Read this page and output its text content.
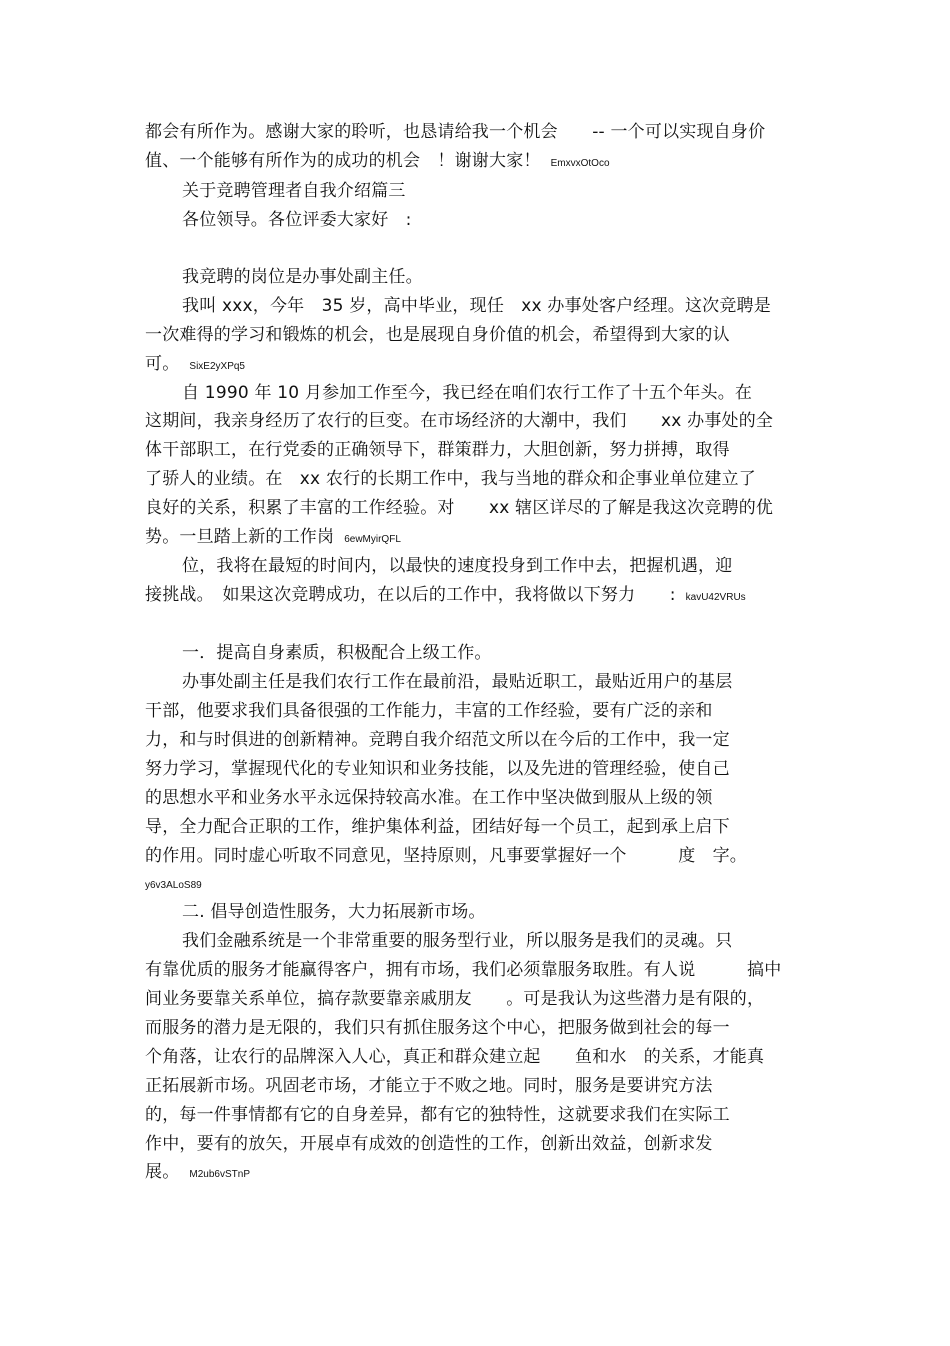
都会有所作为。感谢大家的聆听，也恳请给我一个机会　　-- 一个可以实现自身价
值、一个能够有所作为的成功的机会　！谢谢大家！ EmxvxOtOco
关于竞聘管理者自我介绍篇三
各位领导。各位评委大家好　:
我竞聘的岗位是办事处副主任。
我叫 xxx，今年　35 岁，高中毕业，现任　xx 办事处客户经理。这次竞聘是
一次难得的学习和锻炼的机会，也是展现自身价值的机会，希望得到大家的认
可。 SixE2yXPq5
自 1990 年 10 月参加工作至今，我已经在咱们农行工作了十五个年头。在
这期间，我亲身经历了农行的巨变。在市场经济的大潮中，我们　　xx 办事处的全
体干部职工，在行党委的正确领导下，群策群力，大胆创新，努力拼搏，取得
了骄人的业绩。在　xx 农行的长期工作中，我与当地的群众和企事业单位建立了
良好的关系，积累了丰富的工作经验。对　　xx 辖区详尽的了解是我这次竞聘的优
势。一旦踏上新的工作岗 6ewMyirQFL
位，我将在最短的时间内，以最快的速度投身到工作中去，把握机遇，迎
接挑战。　如果这次竞聘成功，在以后的工作中，我将做以下努力　　: kavU42VRUs
一．提高自身素质，积极配合上级工作。
办事处副主任是我们农行工作在最前沿，最贴近职工，最贴近用户的基层
干部，他要求我们具备很强的工作能力，丰富的工作经验，要有广泛的亲和
力，和与时俱进的创新精神。竞聘自我介绍范文所以在今后的工作中，我一定
努力学习，掌握现代化的专业知识和业务技能，以及先进的管理经验，使自己
的思想水平和业务水平永远保持较高水准。在工作中坚决做到服从上级的领
导，全力配合正职的工作，维护集体利益，团结好每一个员工，起到承上启下
的作用。同时虚心听取不同意见，坚持原则，凡事要掌握好一个　　　度　字。
y6v3ALoS89
二. 倡导创造性服务，大力拓展新市场。
我们金融系统是一个非常重要的服务型行业，所以服务是我们的灵魂。只
有靠优质的服务才能赢得客户，拥有市场，我们必须靠服务取胜。有人说　　　搞中
间业务要靠关系单位，搞存款要靠亲戚朋友　　。可是我认为这些潜力是有限的，
而服务的潜力是无限的，我们只有抓住服务这个中心，把服务做到社会的每一
个角落，让农行的品牌深入人心，真正和群众建立起　　鱼和水　的关系，才能真
正拓展新市场。巩固老市场，才能立于不败之地。同时，服务是要讲究方法
的，每一件事情都有它的自身差异，都有它的独特性，这就要求我们在实际工
作中，要有的放矢，开展卓有成效的创造性的工作，创新出效益，创新求发
展。 M2ub6vSTnP
